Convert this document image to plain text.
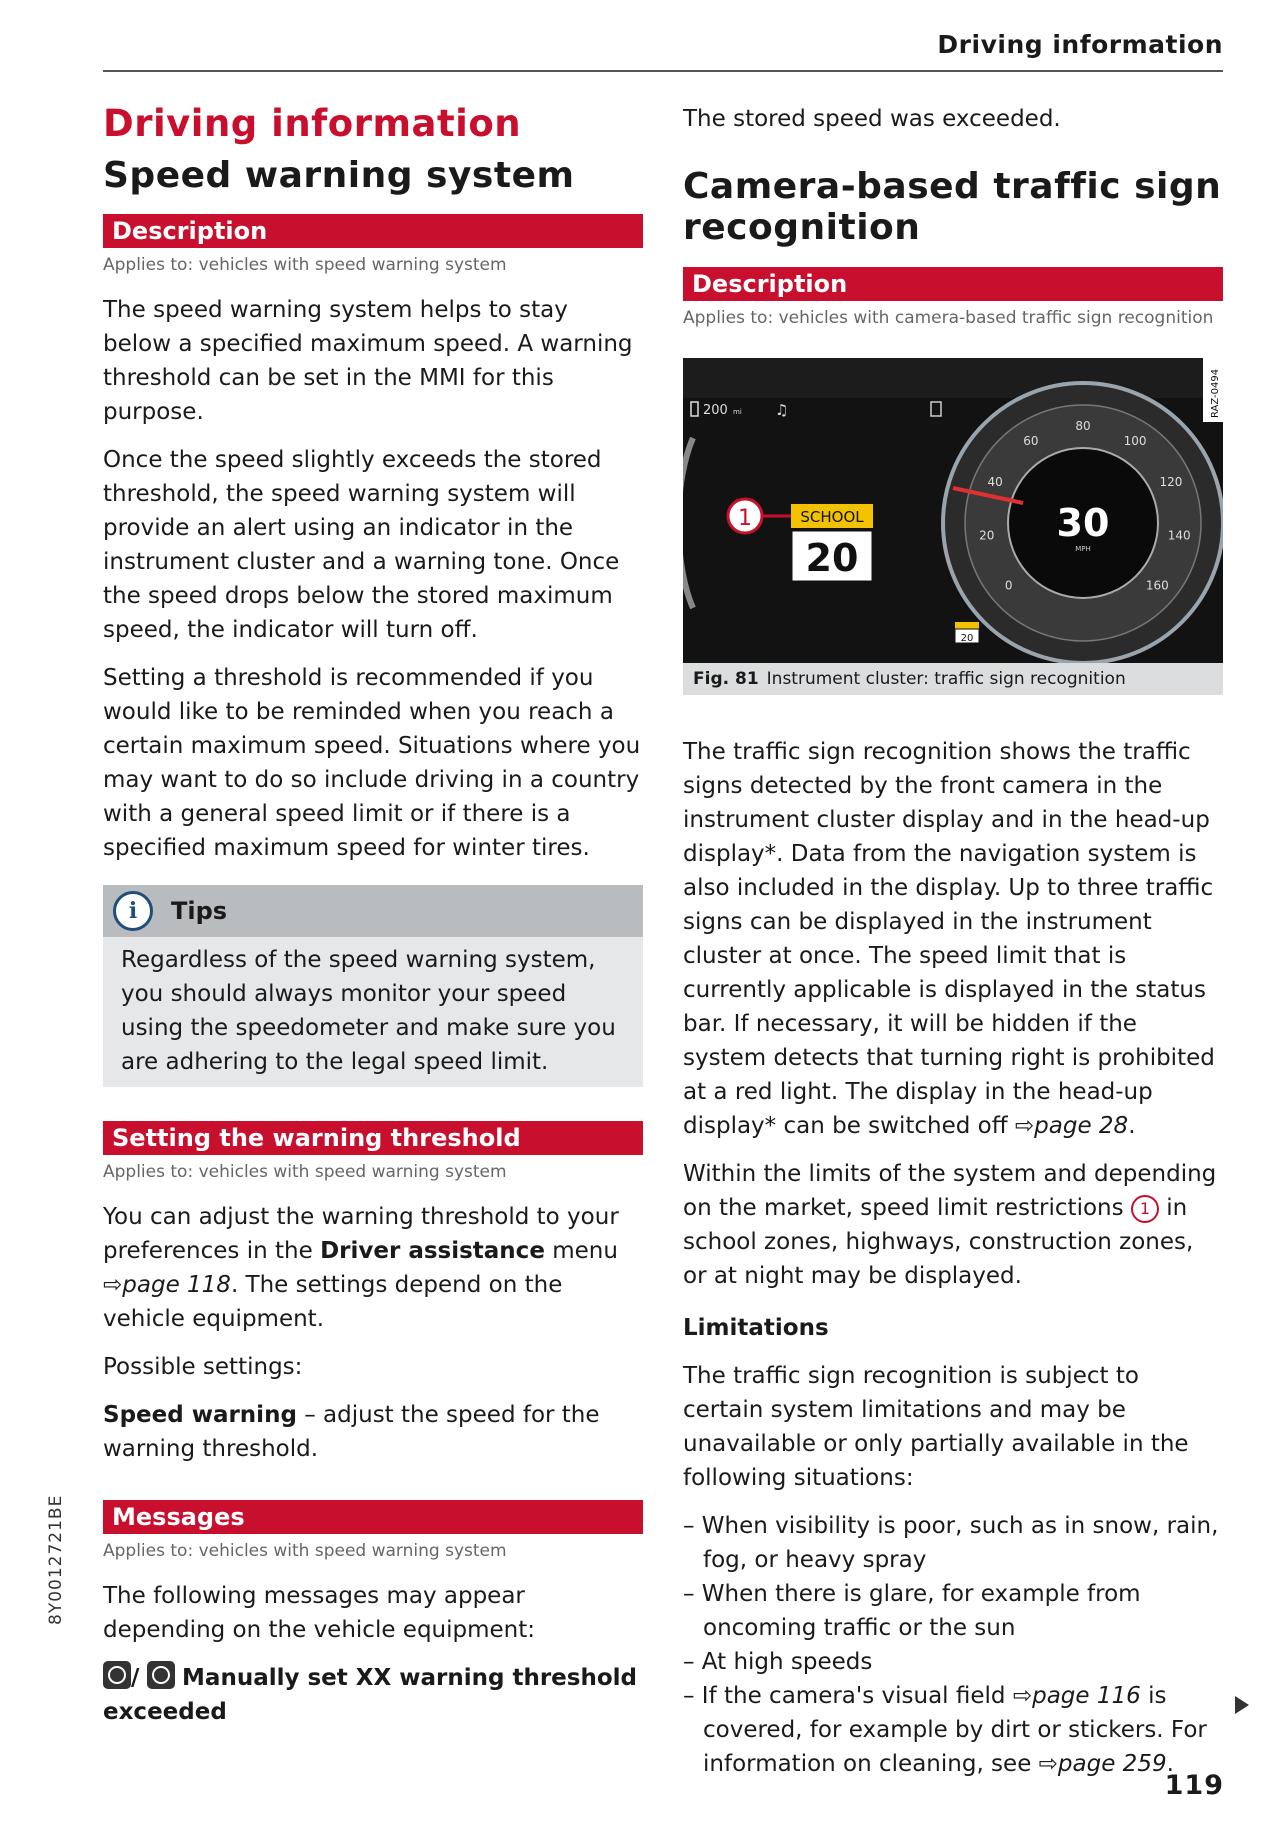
Driving information
Driving information
Speed warning system
Description
Applies to: vehicles with speed warning system

The speed warning system helps to stay below a specified maximum speed. A warning threshold can be set in the MMI for this purpose.

Once the speed slightly exceeds the stored threshold, the speed warning system will provide an alert using an indicator in the instrument cluster and a warning tone. Once the speed drops below the stored maximum speed, the indicator will turn off.

Setting a threshold is recommended if you would like to be reminded when you reach a certain maximum speed. Situations where you may want to do so include driving in a country with a general speed limit or if there is a specified maximum speed for winter tires.

i	Tips

Regardless of the speed warning system, you should always monitor your speed using the speedometer and make sure you are adhering to the legal speed limit.

Setting the warning threshold
Applies to: vehicles with speed warning system

You can adjust the warning threshold to your preferences in the Driver assistance menu ⇨page 118. The settings depend on the vehicle equipment.

Possible settings:

Speed warning – adjust the speed for the warning threshold.

Messages
Applies to: vehicles with speed warning system

The following messages may appear depending on the vehicle equipment:

/ Manually set XX warning threshold exceeded

The stored speed was exceeded.

Camera-based traffic sign recognition
Description
Applies to: vehicles with camera-based traffic sign recognition
200 mi ♫
0
20
40
60
80
100
120
140
160
30
MPH
1	SCHOOL
20
20
RAZ-0494
Fig. 81 Instrument cluster: traffic sign recognition

The traffic sign recognition shows the traffic signs detected by the front camera in the instrument cluster display and in the head-up display*. Data from the navigation system is also included in the display. Up to three traffic signs can be displayed in the instrument cluster at once. The speed limit that is currently applicable is displayed in the status bar. If necessary, it will be hidden if the system detects that turning right is prohibited at a red light. The display in the head-up display* can be switched off ⇨page 28.

Within the limits of the system and depending on the market, speed limit restrictions 1 in school zones, highways, construction zones, or at night may be displayed.

Limitations

The traffic sign recognition is subject to certain system limitations and may be unavailable or only partially available in the following situations:

– When visibility is poor, such as in snow, rain, fog, or heavy spray
– When there is glare, for example from oncoming traffic or the sun
– At high speeds
– If the camera's visual field ⇨page 116 is covered, for example by dirt or stickers. For information on cleaning, see ⇨page 259.
8Y0012721BE
119
